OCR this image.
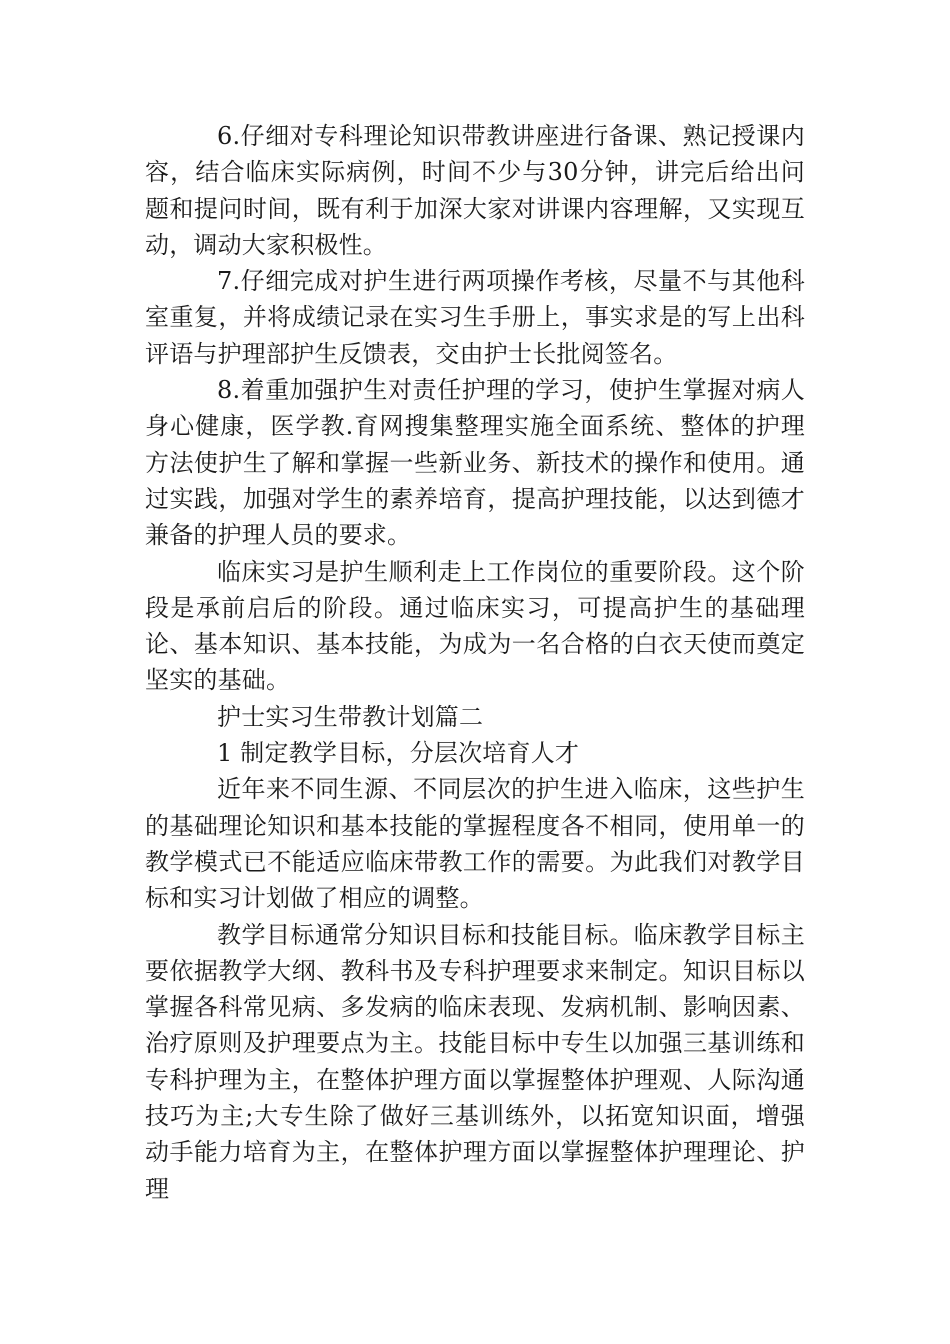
6.仔细对专科理论知识带教讲座进行备课、熟记授课内容，结合临床实际病例，时间不少与30分钟，讲完后给出问题和提问时间，既有利于加深大家对讲课内容理解，又实现互动，调动大家积极性。

7.仔细完成对护生进行两项操作考核，尽量不与其他科室重复，并将成绩记录在实习生手册上，事实求是的写上出科评语与护理部护生反馈表，交由护士长批阅签名。

8.着重加强护生对责任护理的学习，使护生掌握对病人身心健康，医学教.育网搜集整理实施全面系统、整体的护理方法使护生了解和掌握一些新业务、新技术的操作和使用。通过实践，加强对学生的素养培育，提高护理技能，以达到德才兼备的护理人员的要求。

临床实习是护生顺利走上工作岗位的重要阶段。这个阶段是承前启后的阶段。通过临床实习，可提高护生的基础理论、基本知识、基本技能，为成为一名合格的白衣天使而奠定坚实的基础。

护士实习生带教计划篇二

1 制定教学目标，分层次培育人才

近年来不同生源、不同层次的护生进入临床，这些护生的基础理论知识和基本技能的掌握程度各不相同，使用单一的教学模式已不能适应临床带教工作的需要。为此我们对教学目标和实习计划做了相应的调整。

教学目标通常分知识目标和技能目标。临床教学目标主要依据教学大纲、教科书及专科护理要求来制定。知识目标以掌握各科常见病、多发病的临床表现、发病机制、影响因素、治疗原则及护理要点为主。技能目标中专生以加强三基训练和专科护理为主，在整体护理方面以掌握整体护理观、人际沟通技巧为主;大专生除了做好三基训练外，以拓宽知识面，增强动手能力培育为主，在整体护理方面以掌握整体护理理论、护理
